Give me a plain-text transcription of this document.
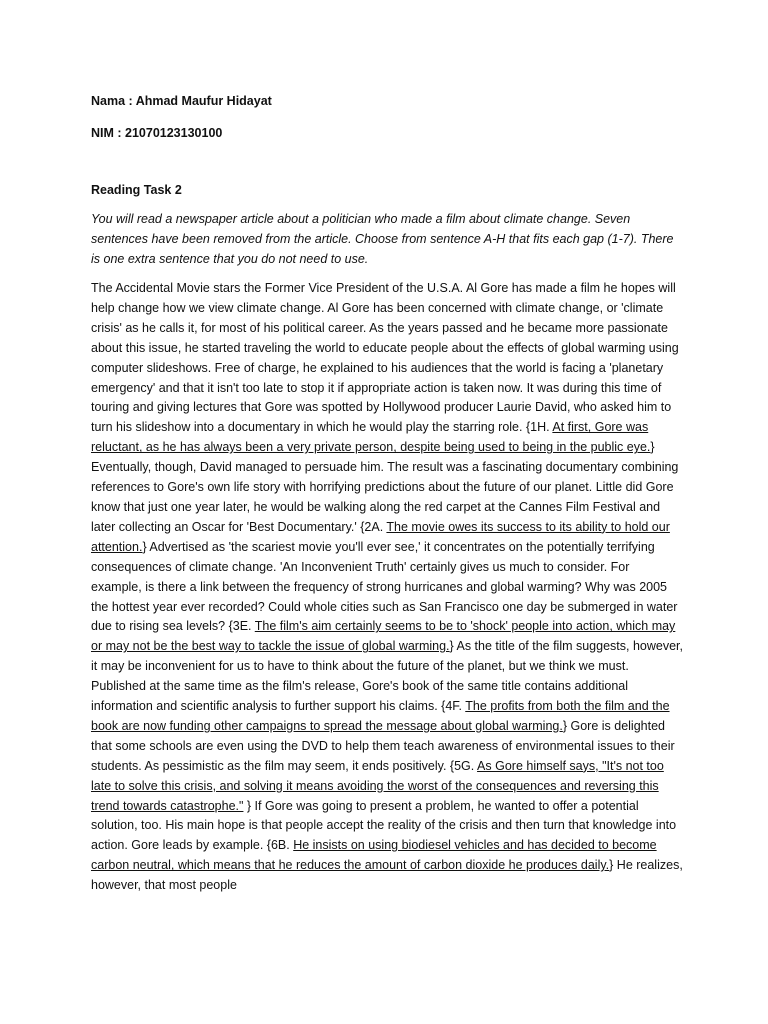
Nama : Ahmad Maufur Hidayat

NIM : 21070123130100

Reading Task 2

You will read a newspaper article about a politician who made a film about climate change. Seven sentences have been removed from the article. Choose from sentence A-H that fits each gap (1-7). There is one extra sentence that you do not need to use.

The Accidental Movie stars the Former Vice President of the U.S.A. Al Gore has made a film he hopes will help change how we view climate change. Al Gore has been concerned with climate change, or 'climate crisis' as he calls it, for most of his political career. As the years passed and he became more passionate about this issue, he started traveling the world to educate people about the effects of global warming using computer slideshows. Free of charge, he explained to his audiences that the world is facing a 'planetary emergency' and that it isn't too late to stop it if appropriate action is taken now. It was during this time of touring and giving lectures that Gore was spotted by Hollywood producer Laurie David, who asked him to turn his slideshow into a documentary in which he would play the starring role. {1H. At first, Gore was reluctant, as he has always been a very private person, despite being used to being in the public eye.} Eventually, though, David managed to persuade him. The result was a fascinating documentary combining references to Gore's own life story with horrifying predictions about the future of our planet. Little did Gore know that just one year later, he would be walking along the red carpet at the Cannes Film Festival and later collecting an Oscar for 'Best Documentary.' {2A. The movie owes its success to its ability to hold our attention.} Advertised as 'the scariest movie you'll ever see,' it concentrates on the potentially terrifying consequences of climate change. 'An Inconvenient Truth' certainly gives us much to consider. For example, is there a link between the frequency of strong hurricanes and global warming? Why was 2005 the hottest year ever recorded? Could whole cities such as San Francisco one day be submerged in water due to rising sea levels? {3E. The film's aim certainly seems to be to 'shock' people into action, which may or may not be the best way to tackle the issue of global warming.} As the title of the film suggests, however, it may be inconvenient for us to have to think about the future of the planet, but we think we must. Published at the same time as the film's release, Gore's book of the same title contains additional information and scientific analysis to further support his claims. {4F. The profits from both the film and the book are now funding other campaigns to spread the message about global warming.} Gore is delighted that some schools are even using the DVD to help them teach awareness of environmental issues to their students. As pessimistic as the film may seem, it ends positively. {5G. As Gore himself says, "It's not too late to solve this crisis, and solving it means avoiding the worst of the consequences and reversing this trend towards catastrophe." } If Gore was going to present a problem, he wanted to offer a potential solution, too. His main hope is that people accept the reality of the crisis and then turn that knowledge into action. Gore leads by example. {6B. He insists on using biodiesel vehicles and has decided to become carbon neutral, which means that he reduces the amount of carbon dioxide he produces daily.} He realizes, however, that most people
